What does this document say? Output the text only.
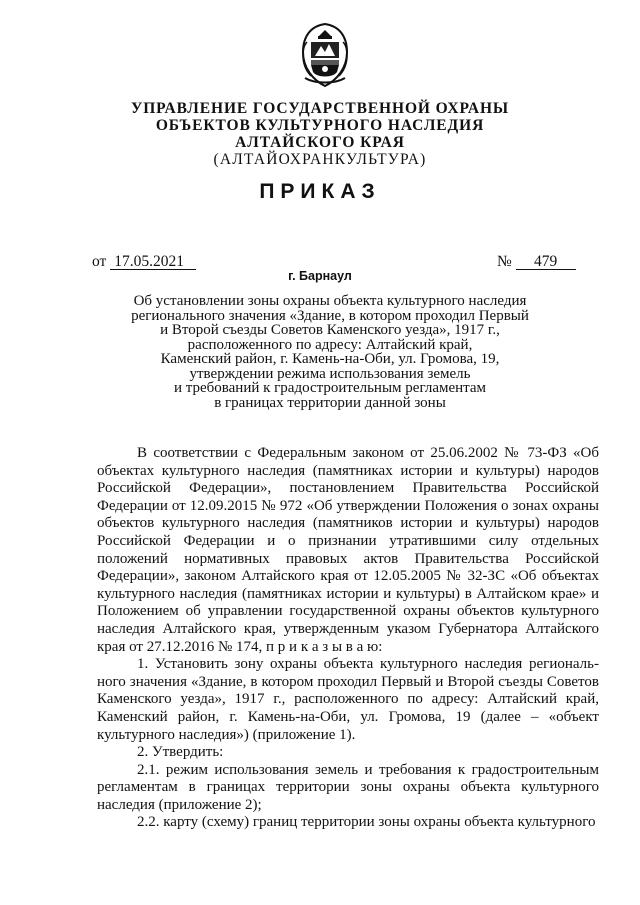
УПРАВЛЕНИЕ ГОСУДАРСТВЕННОЙ ОХРАНЫ
ОБЪЕКТОВ КУЛЬТУРНОГО НАСЛЕДИЯ
АЛТАЙСКОГО КРАЯ
(АЛТАЙОХРАНКУЛЬТУРА)
ПРИКАЗ
от 17.05.2021	№ 479
г. Барнаул
Об установлении зоны охраны объекта культурного наследия
регионального значения «Здание, в котором проходил Первый
и Второй съезды Советов Каменского уезда», 1917 г.,
расположенного по адресу: Алтайский край,
Каменский район, г. Камень-на-Оби, ул. Громова, 19,
утверждении режима использования земель
и требований к градостроительным регламентам
в границах территории данной зоны

В соответствии с Федеральным законом от 25.06.2002 № 73-ФЗ «Об объектах культурного наследия (памятниках истории и культуры) народов Российской Федерации», постановлением Правительства Российской Федерации от 12.09.2015 № 972 «Об утверждении Положения о зонах охраны объектов культурного наследия (памятников истории и культуры) народов Российской Федерации и о признании утратившими силу отдельных положений нормативных правовых актов Правительства Российской Федерации», законом Алтайского края от 12.05.2005 № 32-ЗС «Об объектах культурного наследия (памятниках истории и культуры) в Алтайском крае» и Положением об управлении государственной охраны объектов культурного наследия Алтайского края, утвержденным указом Губернатора Алтайского края от 27.12.2016 № 174, п р и к а з ы в а ю:

1. Установить зону охраны объекта культурного наследия региональ-ного значения «Здание, в котором проходил Первый и Второй съезды Советов Каменского уезда», 1917 г., расположенного по адресу: Алтайский край, Каменский район, г. Камень-на-Оби, ул. Громова, 19 (далее – «объект культурного наследия») (приложение 1).

2. Утвердить:

2.1. режим использования земель и требования к градостроительным регламентам в границах территории зоны охраны объекта культурного наследия (приложение 2);

2.2. карту (схему) границ территории зоны охраны объекта культурного
